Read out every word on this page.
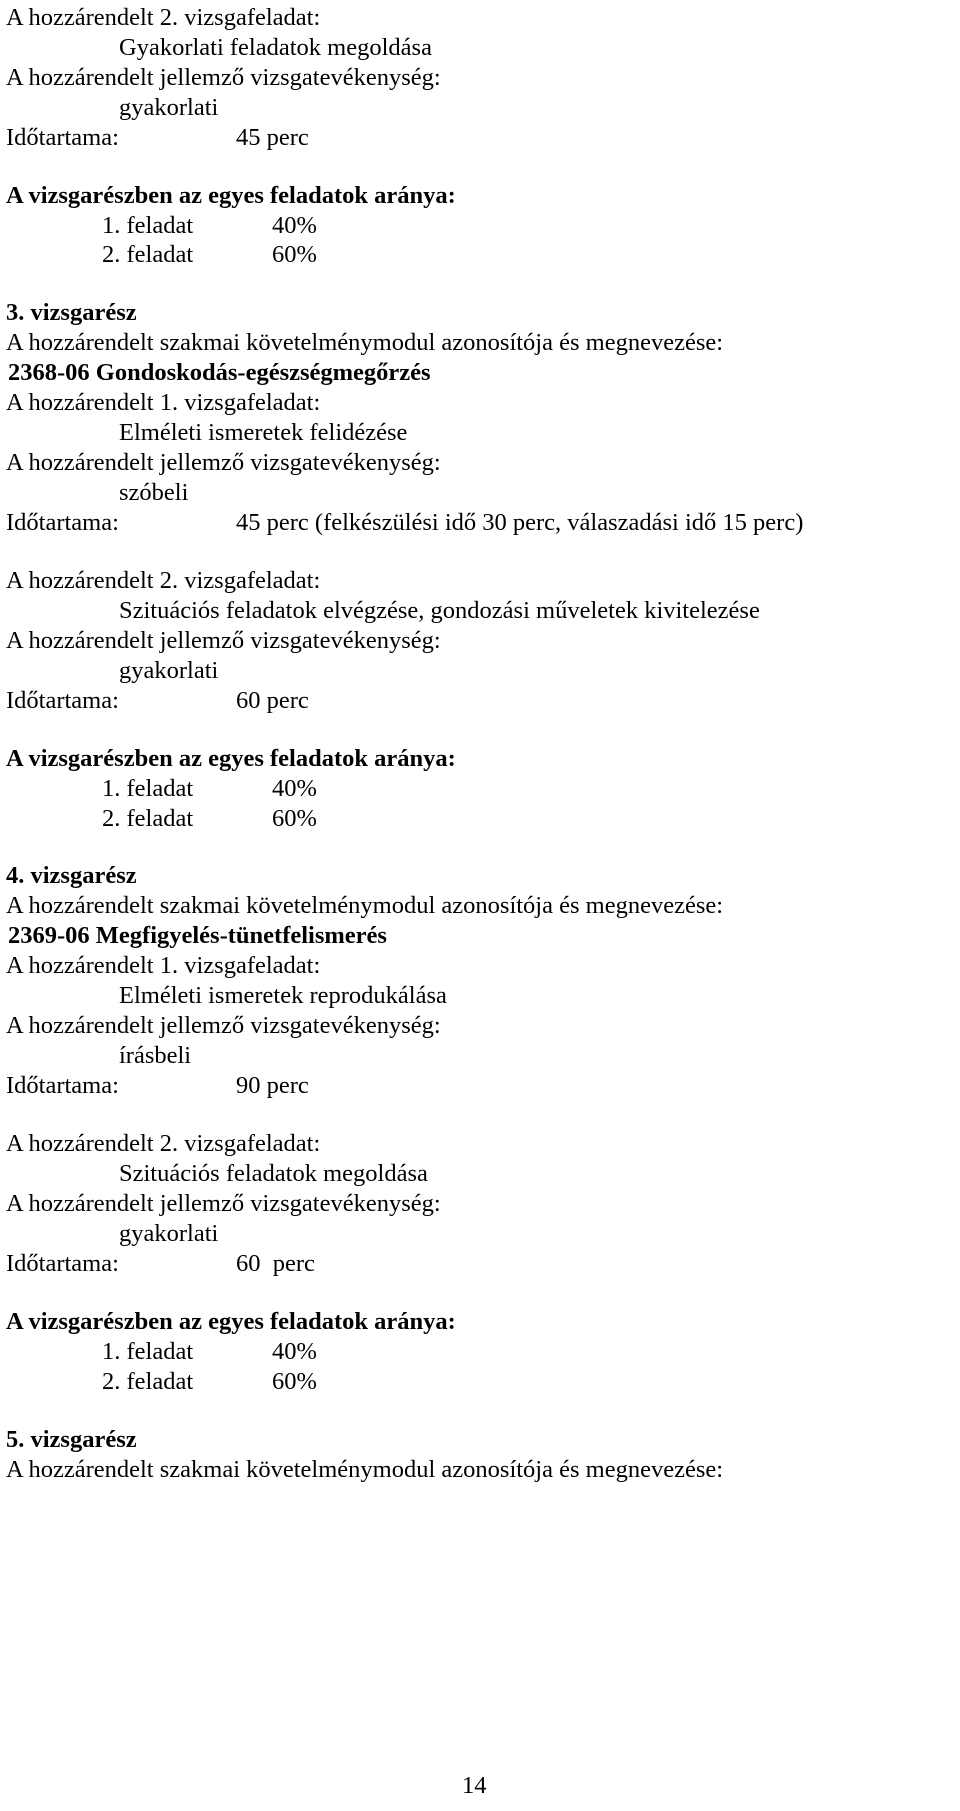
A hozzárendelt 2. vizsgafeladat:
Gyakorlati feladatok megoldása
A hozzárendelt jellemző vizsgatevékenység:
gyakorlati
Időtartama:	45 perc
A vizsgarészben az egyes feladatok aránya:
1. feladat	40%
2. feladat	60%
3. vizsgarész
A hozzárendelt szakmai követelménymodul azonosítója és megnevezése:
2368-06 Gondoskodás-egészségmegőrzés
A hozzárendelt 1. vizsgafeladat:
Elméleti ismeretek felidézése
A hozzárendelt jellemző vizsgatevékenység:
szóbeli
Időtartama:	45 perc (felkészülési idő 30 perc, válaszadási idő 15 perc)
A hozzárendelt 2. vizsgafeladat:
Szituációs feladatok elvégzése, gondozási műveletek kivitelezése
A hozzárendelt jellemző vizsgatevékenység:
gyakorlati
Időtartama:	60 perc
A vizsgarészben az egyes feladatok aránya:
1. feladat	40%
2. feladat	60%
4. vizsgarész
A hozzárendelt szakmai követelménymodul azonosítója és megnevezése:
2369-06 Megfigyelés-tünetfelismerés
A hozzárendelt 1. vizsgafeladat:
Elméleti ismeretek reprodukálása
A hozzárendelt jellemző vizsgatevékenység:
írásbeli
Időtartama:	90 perc
A hozzárendelt 2. vizsgafeladat:
Szituációs feladatok megoldása
A hozzárendelt jellemző vizsgatevékenység:
gyakorlati
Időtartama:	60  perc
A vizsgarészben az egyes feladatok aránya:
1. feladat	40%
2. feladat	60%
5. vizsgarész
A hozzárendelt szakmai követelménymodul azonosítója és megnevezése:
14
